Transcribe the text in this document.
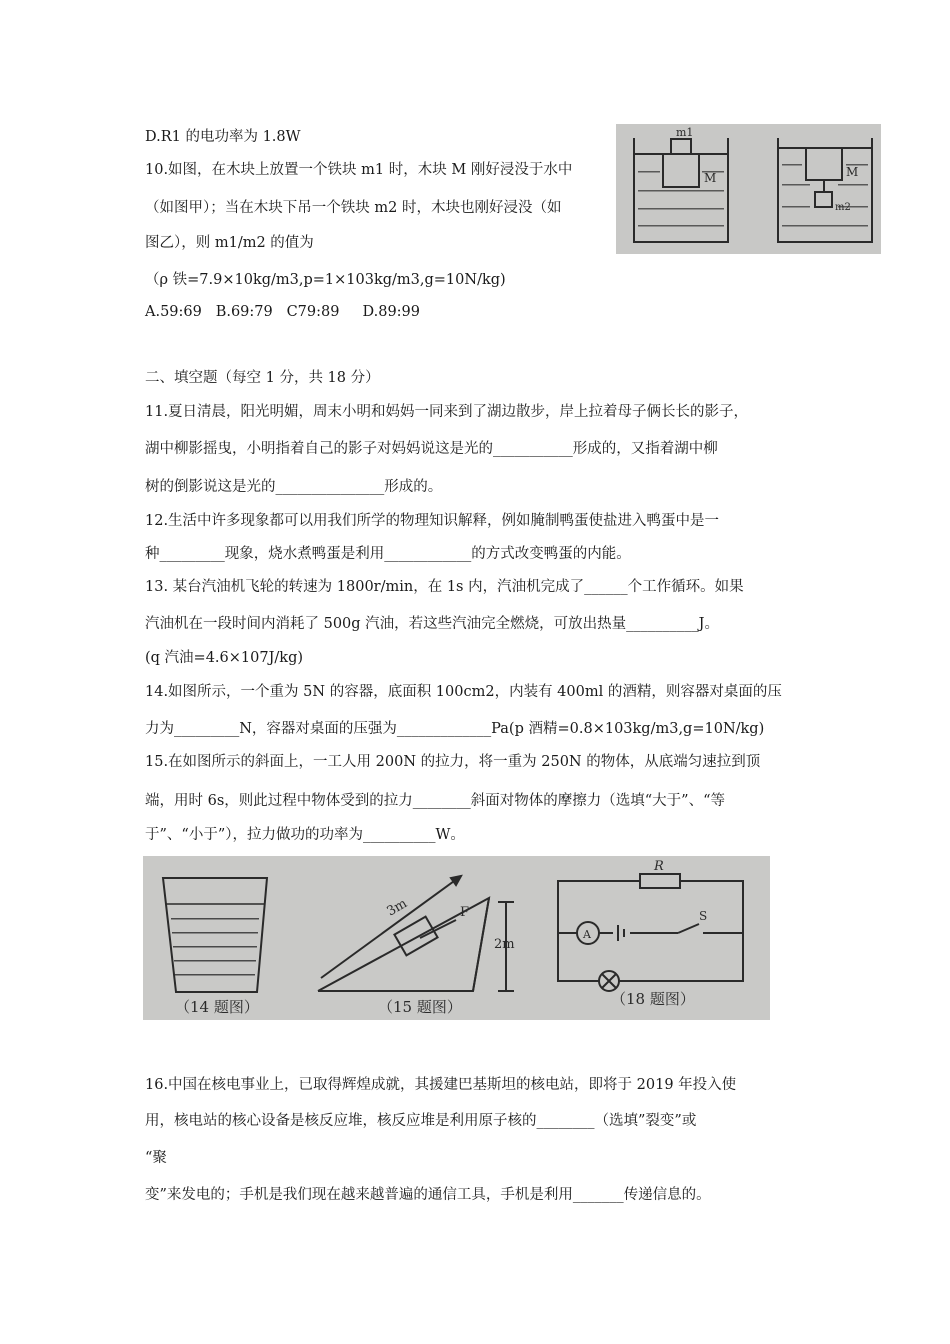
D.R1 的电功率为 1.8W
10.如图，在木块上放置一个铁块 m1 时，木块 M 刚好浸没于水中
（如图甲）；当在木块下吊一个铁块 m2 时，木块也刚好浸没（如
图乙），则 m1/m2 的值为
（ρ 铁=7.9×10kg/m3,p=1×103kg/m3,g=10N/kg)
A.59:69   B.69:79   C79:89     D.89:99
m1
M	M
m2
二、填空题（每空 1 分，共 18 分）
11.夏日清晨，阳光明媚，周末小明和妈妈一同来到了湖边散步，岸上拉着母子俩长长的影子，
湖中柳影摇曳，小明指着自己的影子对妈妈说这是光的___________形成的，又指着湖中柳
树的倒影说这是光的_______________形成的。
12.生活中许多现象都可以用我们所学的物理知识解释，例如腌制鸭蛋使盐进入鸭蛋中是一
种_________现象，烧水煮鸭蛋是利用____________的方式改变鸭蛋的内能。
13. 某台汽油机飞轮的转速为 1800r/min，在 1s 内，汽油机完成了______个工作循环。如果
汽油机在一段时间内消耗了 500g 汽油，若这些汽油完全燃烧，可放出热量__________J。
(q 汽油=4.6×107J/kg)
14.如图所示，一个重为 5N 的容器，底面积 100cm2，内装有 400ml 的酒精，则容器对桌面的压
力为_________N，容器对桌面的压强为_____________Pa(p 酒精=0.8×103kg/m3,g=10N/kg)
15.在如图所示的斜面上，一工人用 200N 的拉力，将一重为 250N 的物体，从底端匀速拉到顶
端，用时 6s，则此过程中物体受到的拉力________斜面对物体的摩擦力（选填“大于”、“等
于”、“小于”），拉力做功的功率为__________W。
（14 题图）
3m	F
2m
（15 题图）
R
A
S
（18 题图）
16.中国在核电事业上，已取得辉煌成就，其援建巴基斯坦的核电站，即将于 2019 年投入使
用，核电站的核心设备是核反应堆，核反应堆是利用原子核的________（选填”裂变”或
“聚
变”来发电的；手机是我们现在越来越普遍的通信工具，手机是利用_______传递信息的。
